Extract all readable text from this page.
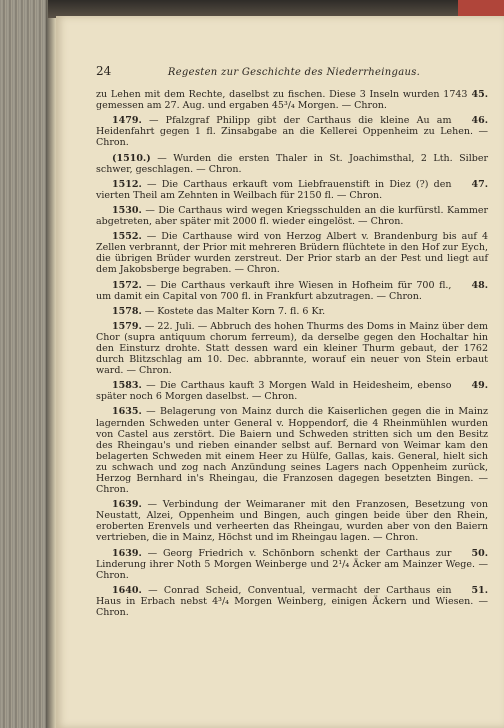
24	Regesten zur Geschichte des Niederrheingaus.

45.
zu Lehen mit dem Rechte, daselbst zu fischen. Diese 3 Inseln wurden 1743 gemessen am 27. Aug. und ergaben 45³/₄ Morgen. — Chron.

46.
1479. — Pfalzgraf Philipp gibt der Carthaus die kleine Au am Heidenfahrt gegen 1 fl. Zinsabgabe an die Kellerei Oppenheim zu Lehen. — Chron.

(1510.) — Wurden die ersten Thaler in St. Joachimsthal, 2 Lth. Silber schwer, geschlagen. — Chron.

47.
1512. — Die Carthaus erkauft vom Liebfrauenstift in Diez (?) den vierten Theil am Zehnten in Weilbach für 2150 fl. — Chron.

1530. — Die Carthaus wird wegen Kriegsschulden an die kurfürstl. Kammer abgetreten, aber später mit 2000 fl. wieder eingelöst. — Chron.

1552. — Die Carthause wird von Herzog Albert v. Brandenburg bis auf 4 Zellen verbrannt, der Prior mit mehreren Brüdern flüchtete in den Hof zur Eych, die übrigen Brüder wurden zerstreut. Der Prior starb an der Pest und liegt auf dem Jakobsberge begraben. — Chron.

48.
1572. — Die Carthaus verkauft ihre Wiesen in Hofheim für 700 fl., um damit ein Capital von 700 fl. in Frankfurt abzutragen. — Chron.

1578. — Kostete das Malter Korn 7. fl. 6 Kr.

1579. — 22. Juli. — Abbruch des hohen Thurms des Doms in Mainz über dem Chor (supra antiquum chorum ferreum), da derselbe gegen den Hochaltar hin den Einsturz drohte. Statt dessen ward ein kleiner Thurm gebaut, der 1762 durch Blitzschlag am 10. Dec. abbrannte, worauf ein neuer von Stein erbaut ward. — Chron.

49.
1583. — Die Carthaus kauft 3 Morgen Wald in Heidesheim, ebenso später noch 6 Morgen daselbst. — Chron.

1635. — Belagerung von Mainz durch die Kaiserlichen gegen die in Mainz lagernden Schweden unter General v. Hoppendorf, die 4 Rheinmühlen wurden von Castel aus zerstört. Die Baiern und Schweden stritten sich um den Besitz des Rheingau's und rieben einander selbst auf. Bernard von Weimar kam den belagerten Schweden mit einem Heer zu Hülfe, Gallas, kais. General, hielt sich zu schwach und zog nach Anzündung seines Lagers nach Oppenheim zurück, Herzog Bernhard in's Rheingau, die Franzosen dagegen besetzten Bingen. — Chron.

1639. — Verbindung der Weimaraner mit den Franzosen, Besetzung von Neustatt, Alzei, Oppenheim und Bingen, auch gingen beide über den Rhein, eroberten Erenvels und verheerten das Rheingau, wurden aber von den Baiern vertrieben, die in Mainz, Höchst und im Rheingau lagen. — Chron.

50.
1639. — Georg Friedrich v. Schönborn schenkt der Carthaus zur Linderung ihrer Noth 5 Morgen Weinberge und 2¹/₄ Äcker am Mainzer Wege. — Chron.

51.
1640. — Conrad Scheid, Conventual, vermacht der Carthaus ein Haus in Erbach nebst 4³/₄ Morgen Weinberg, einigen Äckern und Wiesen. — Chron.
